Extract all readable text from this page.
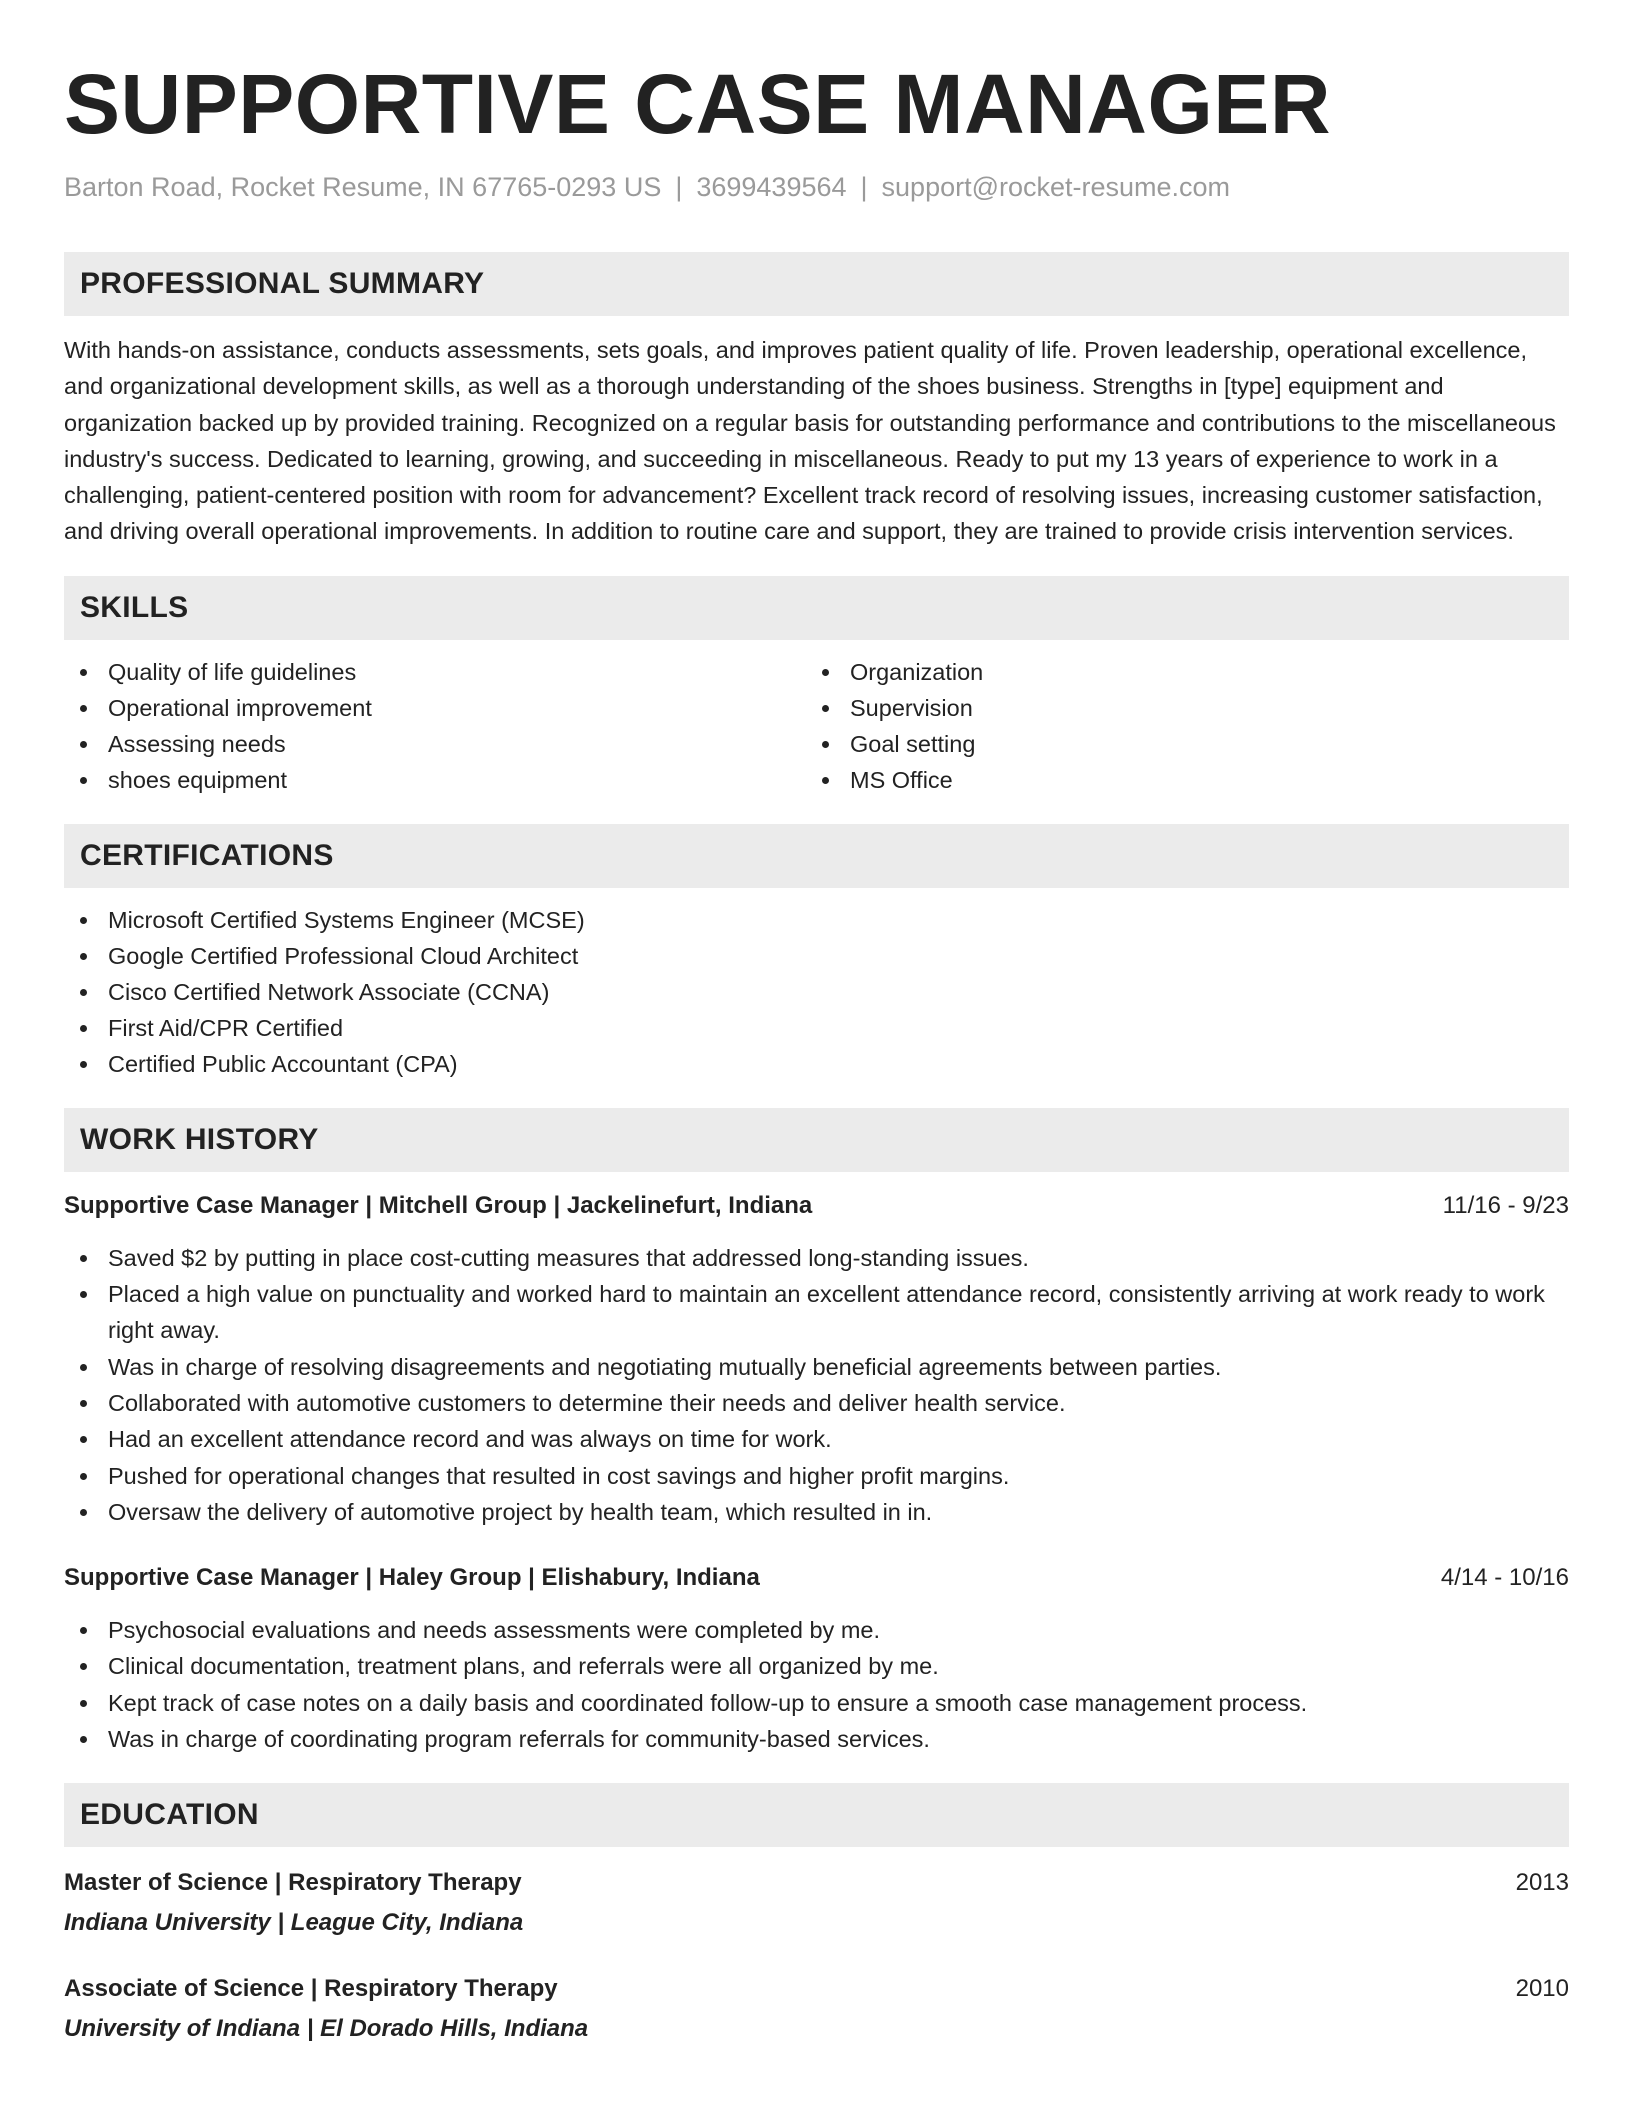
SUPPORTIVE CASE MANAGER
Barton Road, Rocket Resume, IN 67765-0293 US | 3699439564 | support@rocket-resume.com
PROFESSIONAL SUMMARY

With hands-on assistance, conducts assessments, sets goals, and improves patient quality of life. Proven leadership, operational excellence, and organizational development skills, as well as a thorough understanding of the shoes business. Strengths in [type] equipment and organization backed up by provided training. Recognized on a regular basis for outstanding performance and contributions to the miscellaneous industry's success. Dedicated to learning, growing, and succeeding in miscellaneous. Ready to put my 13 years of experience to work in a challenging, patient-centered position with room for advancement? Excellent track record of resolving issues, increasing customer satisfaction, and driving overall operational improvements. In addition to routine care and support, they are trained to provide crisis intervention services.

SKILLS
Quality of life guidelines
Operational improvement
Assessing needs
shoes equipment
Organization
Supervision
Goal setting
MS Office
CERTIFICATIONS
Microsoft Certified Systems Engineer (MCSE)
Google Certified Professional Cloud Architect
Cisco Certified Network Associate (CCNA)
First Aid/CPR Certified
Certified Public Accountant (CPA)
WORK HISTORY
Supportive Case Manager | Mitchell Group | Jackelinefurt, Indiana	11/16 - 9/23
Saved $2 by putting in place cost-cutting measures that addressed long-standing issues.
Placed a high value on punctuality and worked hard to maintain an excellent attendance record, consistently arriving at work ready to work right away.
Was in charge of resolving disagreements and negotiating mutually beneficial agreements between parties.
Collaborated with automotive customers to determine their needs and deliver health service.
Had an excellent attendance record and was always on time for work.
Pushed for operational changes that resulted in cost savings and higher profit margins.
Oversaw the delivery of automotive project by health team, which resulted in in.
Supportive Case Manager | Haley Group | Elishabury, Indiana	4/14 - 10/16
Psychosocial evaluations and needs assessments were completed by me.
Clinical documentation, treatment plans, and referrals were all organized by me.
Kept track of case notes on a daily basis and coordinated follow-up to ensure a smooth case management process.
Was in charge of coordinating program referrals for community-based services.
EDUCATION
Master of Science | Respiratory Therapy	2013
Indiana University | League City, Indiana
Associate of Science | Respiratory Therapy	2010
University of Indiana | El Dorado Hills, Indiana
